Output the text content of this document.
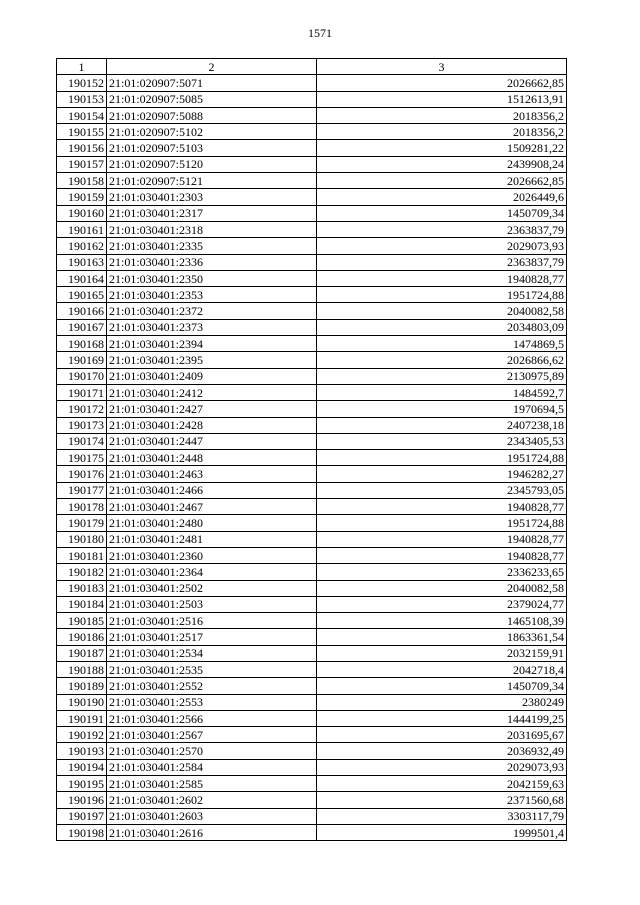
1571
1	2	3
190152	21:01:020907:5071	2026662,85
190153	21:01:020907:5085	1512613,91
190154	21:01:020907:5088	2018356,2
190155	21:01:020907:5102	2018356,2
190156	21:01:020907:5103	1509281,22
190157	21:01:020907:5120	2439908,24
190158	21:01:020907:5121	2026662,85
190159	21:01:030401:2303	2026449,6
190160	21:01:030401:2317	1450709,34
190161	21:01:030401:2318	2363837,79
190162	21:01:030401:2335	2029073,93
190163	21:01:030401:2336	2363837,79
190164	21:01:030401:2350	1940828,77
190165	21:01:030401:2353	1951724,88
190166	21:01:030401:2372	2040082,58
190167	21:01:030401:2373	2034803,09
190168	21:01:030401:2394	1474869,5
190169	21:01:030401:2395	2026866,62
190170	21:01:030401:2409	2130975,89
190171	21:01:030401:2412	1484592,7
190172	21:01:030401:2427	1970694,5
190173	21:01:030401:2428	2407238,18
190174	21:01:030401:2447	2343405,53
190175	21:01:030401:2448	1951724,88
190176	21:01:030401:2463	1946282,27
190177	21:01:030401:2466	2345793,05
190178	21:01:030401:2467	1940828,77
190179	21:01:030401:2480	1951724,88
190180	21:01:030401:2481	1940828,77
190181	21:01:030401:2360	1940828,77
190182	21:01:030401:2364	2336233,65
190183	21:01:030401:2502	2040082,58
190184	21:01:030401:2503	2379024,77
190185	21:01:030401:2516	1465108,39
190186	21:01:030401:2517	1863361,54
190187	21:01:030401:2534	2032159,91
190188	21:01:030401:2535	2042718,4
190189	21:01:030401:2552	1450709,34
190190	21:01:030401:2553	2380249
190191	21:01:030401:2566	1444199,25
190192	21:01:030401:2567	2031695,67
190193	21:01:030401:2570	2036932,49
190194	21:01:030401:2584	2029073,93
190195	21:01:030401:2585	2042159,63
190196	21:01:030401:2602	2371560,68
190197	21:01:030401:2603	3303117,79
190198	21:01:030401:2616	1999501,4
